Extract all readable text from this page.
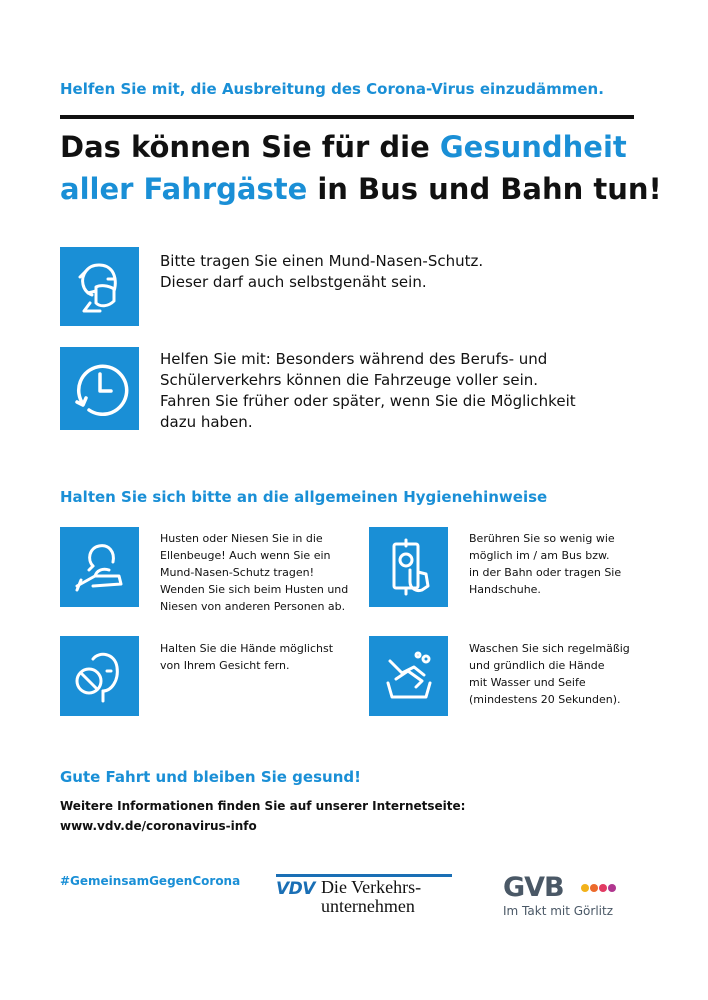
Helfen Sie mit, die Ausbreitung des Corona-Virus einzudämmen.
Das können Sie für die Gesundheit
aller Fahrgäste in Bus und Bahn tun!
Bitte tragen Sie einen Mund-Nasen-Schutz.
Dieser darf auch selbstgenäht sein.
Helfen Sie mit: Besonders während des Berufs- und
Schülerverkehrs können die Fahrzeuge voller sein.
Fahren Sie früher oder später, wenn Sie die Möglichkeit
dazu haben.
Halten Sie sich bitte an die allgemeinen Hygienehinweise
Husten oder Niesen Sie in die
Ellenbeuge! Auch wenn Sie ein
Mund-Nasen-Schutz tragen!
Wenden Sie sich beim Husten und
Niesen von anderen Personen ab.
Berühren Sie so wenig wie
möglich im / am Bus bzw.
in der Bahn oder tragen Sie
Handschuhe.
Halten Sie die Hände möglichst
von Ihrem Gesicht fern.
Waschen Sie sich regelmäßig
und gründlich die Hände
mit Wasser und Seife
(mindestens 20 Sekunden).
Gute Fahrt und bleiben Sie gesund!
Weitere Informationen finden Sie auf unserer Internetseite:
www.vdv.de/coronavirus-info
#GemeinsamGegenCorona VDV Die Verkehrs-
unternehmen
GVB
Im Takt mit Görlitz
